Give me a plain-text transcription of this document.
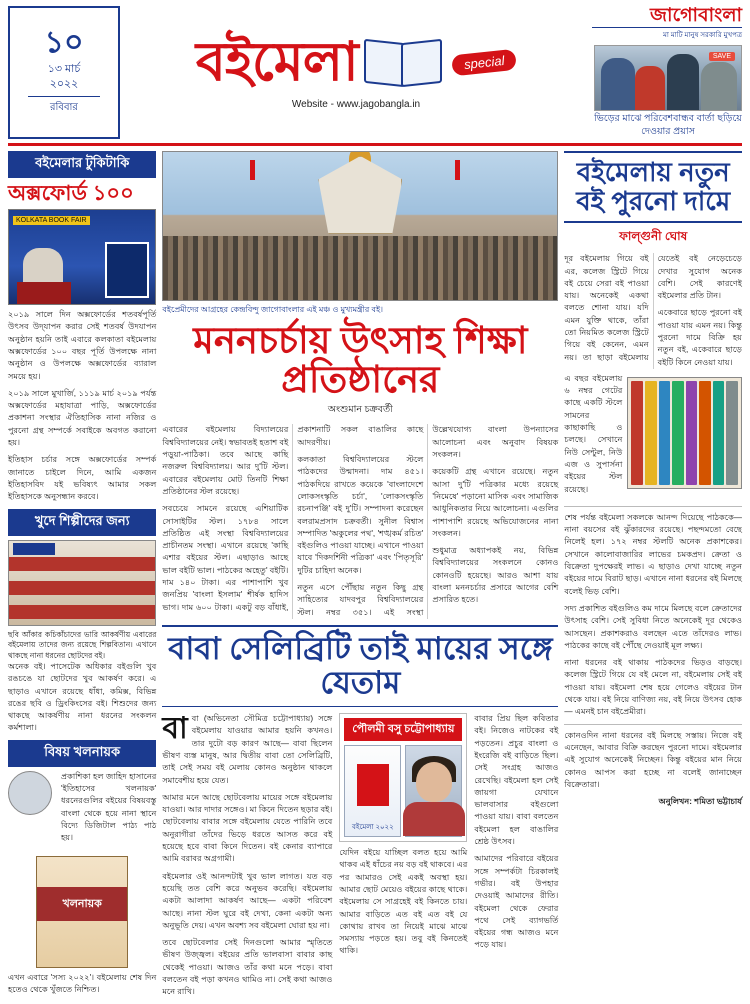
১০
১৩ মার্চ
২০২২
রবিবার
বইমেলা	special
Website - www.jagobangla.in
জাগোবাংলা
মা মাটি মানুষ সরকারি মুখপত্র
SAVE
ভিড়ের মাঝে পরিবেশবান্ধব বার্তা ছড়িয়ে দেওয়ার প্রয়াস
বইমেলার টুকিটাকি
অক্সফোর্ড ১০০
KOLKATA BOOK FAIR

২০১৯ সালে দিন অক্সফোর্ডের শতবর্ষপূর্তি উৎসব উদ্‌যাপন করার সেই শতবর্ষ উদযাপন অনুষ্ঠান হয়নি তাই এবারে কলকাতা বইমেলায় অক্সফোর্ডের ১০০ বছর পূর্তি উপলক্ষে নানা অনুষ্ঠান ও উপলক্ষে অক্সফোর্ডের ব্যারাল সময়ে হয়।

২০১৯ সালে মুখার্জি, ১১১৯ মার্চ ২০১৯ পর্যন্ত অক্সফোর্ডের মহাযাত্রা পাড়ি, অক্সফোর্ডের প্রকাশনা সংস্থার ঐতিহাসিক নানা নজির ও পুরনো গ্রন্থ সম্পর্কে সবাইকে অবগত করানো হয়।

ইতিহাস চর্চার সঙ্গে অক্সফোর্ডের সম্পর্ক জানাতে চাইলে দিনে, আমি একজন ইতিহাসবিদ যই ভবিষ্যৎ আমার সকল ইতিহাসকে অনুসন্ধান করবে।

খুদে শিল্পীদের জন্য
ছবি আঁকার কচিকাঁচাদের ভারি আকর্ষণীয় এবারের বইমেলায় তাদের জন্য রয়েছে শিল্পবিতান। এখানে থাকছে নানা ধরনের ছোটদের বই।

অনেক বই। পাসেটেক অধিকার বইগুলি খুব রঙচঙে যা ছোটদের খুব আকর্ষণ করে। এ ছাড়াও এখানে রয়েছে ধাঁধা, কমিক্স, বিভিন্ন রঙের ছবি ও ড্রিংকিংসের বই। শিশুদের জন্য থাকছে আকর্ষণীয় নানা ধরনের সংকলন কর্মশালা।

বিষয় খলনায়ক

প্রকাশিকা হল জাহিদ হাসানের 'ইতিহাসের খলনায়ক' ধরনেরগুলির বইয়ের বিষয়বস্তু বাংলা থেকে হয়ে নানা স্থানে বিদ্যে ডিজিটাল পাঠ্য পাঠ হয়।

খলনায়ক

এখন এবারে 'সস্য ২০২২'। বইমেলায় শেষ দিন হতেও থেকে খুঁজতে নিশ্চিত।

বইপ্রেমীদের আগ্রহের কেন্দ্রবিন্দু জাগোবাংলার এই মঞ্চ ও মুখ্যমন্ত্রীর বই।
মননচর্চায় উৎসাহ শিক্ষা প্রতিষ্ঠানের
অংশুমান চক্রবর্তী

এবারের বইমেলায় বিদ্যালয়ের বিশ্ববিদ্যালয়ের নেই। স্বভাবতই হতাশ বই পড়ুয়া-পাঠিকা। তবে আছে কাছি নজরুল বিশ্ববিদ্যালয়। আর দু'টি স্টল। এবারের বইমেলায় মোট তিনটি শিক্ষা প্রতিষ্ঠানের স্টল রয়েছে।

সবচেয়ে সামনে রয়েছে এশিয়াটিক সোসাইটির স্টল। ১৭৮৪ সালে প্রতিষ্ঠিত এই সংস্থা বিশ্ববিদ্যালয়ের প্রাচীনতম সংস্থা। এখানে রয়েছে 'কাছি এশার বইয়ের স্টল। এছাড়াও আছে ভাল বইটি ভাল। পাঠকের অহেতু' বইটি। দাম ১৪০ টাকা। এর পাশাপাশি খুব জনপ্রিয় 'বাংলা ইসলাম' শীর্ষক হাদিস ভাগ। দাম ৬০০ টাকা। একটু বড় বাঁধাই, প্রকাশনাটি সকল বাঙালির কাছে আদরণীয়।

কলকাতা বিশ্ববিদ্যালয়ের স্টলে পাঠকদের উন্মাদনা। দাম ৪৫১। পাঠকদিয়ে রাখতে কয়েকে 'বাংলাদেশে লোকসংস্কৃতি চর্চা', 'লোকসংস্কৃতি রচনাপঞ্জি' বই দু'টি। সম্পাদনা করেছেন বলরামপ্রসাদ চক্রবর্তী। সুনীল বিশ্বাস সম্পাদিত 'অকুলের পথ', 'শঙ্খকর্ম রচিত' বইগুলিও পাওয়া যাচ্ছে। এখানে পাওয়া যাবে 'দিকদর্শিনী পত্রিকা' এবং 'পিতৃসূরি' দুটির চাহিদা অনেক।

নতুন এসে পৌঁছায় নতুন কিছু গ্রন্থ সাহিত্যের যাদবপুর বিশ্ববিদ্যালয়ের স্টল। নম্বর ৩৫১। এই সংস্থা উল্লেখযোগ্য বাংলা উপন্যাসের আলোচনা এবং অনুবাদ বিষয়ক সংকলন।

কয়েকটি গ্রন্থ এখানে রয়েছে। নতুন আসা দু'টি পত্রিকার মধ্যে রয়েছে 'নিমেষে' পড়ানো মাসিক এবং সামাজিক আধুনিকতার নিয়ে আলোচনা। এগুলির পাশাপাশি রয়েছে অভিযোজনের নানা সংকলন।

শুধুমাত্র অধ্যাপকই নয়, বিভিন্ন বিশ্ববিদ্যালয়ের সংকলনে কোনও কোনওটি হয়েছে। আরও আশা যায় বাংলা মননচর্চার প্রসারে আগের বেশি প্রসারিত হতে।

বাবা সেলিব্রিটি তাই মায়ের সঙ্গে যেতাম

বাবা (অভিনেতা সৌমিত্র চট্টোপাধ্যায়) সঙ্গে বইমেলায় যাওয়ার আমার হয়নি কখনও। তার দুটো বড় কারণ আছে— বাবা ছিলেন ভীষণ ব্যস্ত মানুষ, আর দ্বিতীয় বাবা তো সেলিব্রিটি, তাই সেই সময় বই মেলায় কোনও অনুষ্ঠান থাকলে সমাবেশীয় হয়ে যেত।

আমার মনে আছে ছোটবেলায় মায়ের সঙ্গে বইমেলায় যাওয়া। আর দাদার সঙ্গেও। মা কিনে দিতেন ছড়ার বই। ছোটবেলায় বাবার সঙ্গে বইমেলায় যেতে পারিনি তবে অনুরাগীরা তাঁদের ভিড়ে ধরতে আসত করে বই হয়েছে হবে বাবা কিনে দিতেন। বই কেনার ব্যাপারে আমি বরাবর অগ্রগামী।

বইমেলার ওই আনন্দটাই খুব ভাল লাগত। যত বড় হয়েছি তত বেশি করে অনুভব করেছি। বইমেলায় একটা আলাদা আকর্ষণ আছে— একটা পরিবেশ আছে। নানা স্টল ঘুরে বই দেখা, কেনা একটা অন্য অনুভূতি দেয়। এখন অবশ্য সব বইমেলা ঘোরা হয় না।

তবে ছোটবেলার সেই দিনগুলো আমার স্মৃতিতে ভীষণ উজ্জ্বল। বইয়ের প্রতি ভালবাসা বাবার কাছ থেকেই পাওয়া। আজও তাঁর কথা মনে পড়ে। বাবা বলতেন বই পড়া কখনও থামিও না। সেই কথা আজও মনে রাখি।

পৌলমী বসু চট্টোপাধ্যায়
বইমেলা ২০২২

যেদিন বইয়ে যাচ্ছিল বলত হয়ে আমি থাকব এই ধাঁচের নয় বড় বই থাকবে। এর পর আমারও সেই একই অবস্থা হয়। আমার ছোট মেয়েও বইয়ের কাছে থাকে। বইমেলায় সে সাগ্রহেই বই কিনতে চায়। আমার বাড়িতে এত বই এত বই যে কোথায় রাখব তা নিয়েই মাঝে মাঝে সমস্যায় পড়তে হয়। তবু বই কিনতেই থাকি।

বাবার প্রিয় ছিল কবিতার বই। নিজেও নাটকের বই পড়তেন। প্রচুর বাংলা ও ইংরেজি বই বাড়িতে ছিল। সেই সংগ্রহ আজও রেখেছি। বইমেলা হল সেই জায়গা যেখানে ভালবাসার বইগুলো পাওয়া যায়। বাবা বলতেন বইমেলা হল বাঙালির শ্রেষ্ঠ উৎসব।

আমাদের পরিবারে বইয়ের সঙ্গে সম্পর্কটা চিরকালই গভীর। বই উপহার দেওয়াই আমাদের রীতি। বইমেলা থেকে ফেরার পথে সেই ব্যাগভর্তি বইয়ের গন্ধ আজও মনে পড়ে যায়।

বইমেলায় নতুন বই পুরনো দামে
ফাল্গুনী ঘোষ

দূর বইমেলায় গিয়ে বই এর, কলেজ স্ট্রিটে গিয়ে বই চেয়ে সেরা বই পাওয়া যায়। অনেকেই একথা বলতে শোনা যায়। যদি এমন যুক্তি থাকে, তাঁরা তো নিয়মিত কলেজ স্ট্রিটে গিয়ে বই কেনেন, এমন নয়। তা ছাড়া বইমেলায় যেতেই বই নেড়েচেড়ে দেখার সুযোগ অনেক বেশি। সেই কারণেই বইমেলার প্রতি টান।

একেবারে ছাড়ে পুরনো বই পাওয়া যায় এমন নয়। কিন্তু পুরনো দামে বিক্রি হয় নতুন বই, একেবারে ছাড়ে বইটি কিনে নেওয়া যায়।

এ বছর বইমেলায় ৬ নম্বর গেটের কাছে একটি স্টলে সামনের কাছাকাছি ও চলছে। সেখানে নিউ সেন্টুল, নিউ এজ ও সুপার্সনা বইয়ের স্টল রয়েছে।

শেষ পর্যন্ত বইমেলা সকলকে আনন্দ দিয়েছে পাঠককে— নানা বয়সের বই ঝুঁকারদের রয়েছে। পছন্দমতো বেছে নিলেই হল। ১৭২ নম্বর স্টলটি অনেক প্রকাশকের। সেখানে কালোবাজারির লাভের চমকপ্রদ। ক্রেতা ও বিক্রেতা দুপক্ষেরই লাভ। এ ছাড়াও দেখা যাচ্ছে নতুন বইয়ের দামে বিরাট ছাড়। এখানে নানা ধরনের বই মিলছে বলেই ভিড় বেশি।

সদ্য প্রকাশিত বইগুলিও কম দামে মিলছে বলে ক্রেতাদের উৎসাহ বেশি। সেই সুবিধা নিতে অনেকেই দূর থেকেও আসছেন। প্রকাশকরাও বলছেন এতে তাঁদেরও লাভ। পাঠকের কাছে বই পৌঁছে দেওয়াই মূল লক্ষ্য।

নানা ধরনের বই থাকায় পাঠকদের ভিড়ও বাড়ছে। কলেজ স্ট্রিটে গিয়ে যে বই মেলে না, বইমেলায় সেই বই পাওয়া যায়। বইমেলা শেষ হয়ে গেলেও বইয়ের টান থেকে যায়। বই নিয়ে বাণিজ্য নয়, বই নিয়ে উৎসব হোক— এমনই চান বইপ্রেমীরা।

কোনওদিন নানা ধরনের বই মিলছে সস্তায়। নিজে বই এনেছেন, আবার বিক্রি করছেন পুরনো দামে। বইমেলার এই সুযোগ অনেকেই নিচ্ছেন। কিন্তু বইয়ের মান নিয়ে কোনও আপস করা হচ্ছে না বলেই জানাচ্ছেন বিক্রেতারা।

অনুলিখন: শমিতা ভট্টাচার্য
